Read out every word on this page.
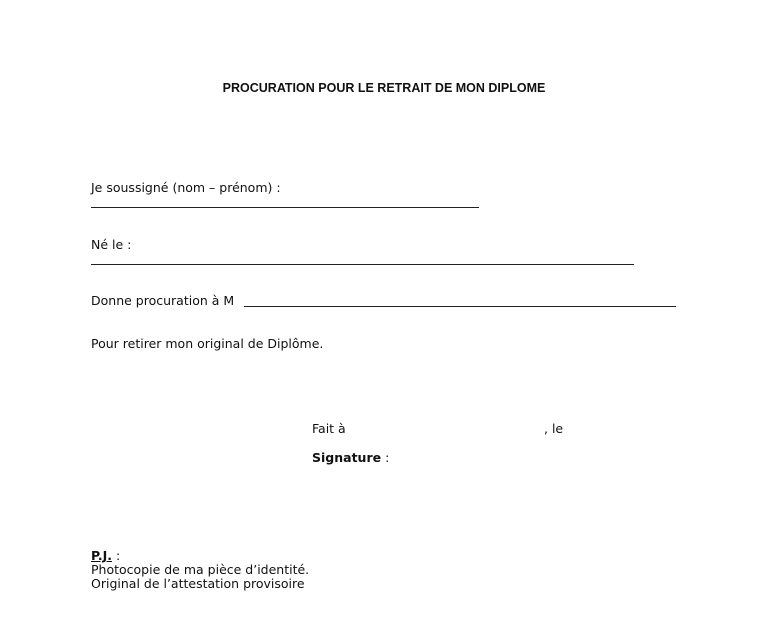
PROCURATION POUR LE RETRAIT DE MON DIPLOME
Je soussigné (nom – prénom) :
Né le :
Donne procuration à M
Pour retirer mon original de Diplôme.
Fait à	, le
Signature :
P.J. :
Photocopie de ma pièce d’identité.
Original de l’attestation provisoire
